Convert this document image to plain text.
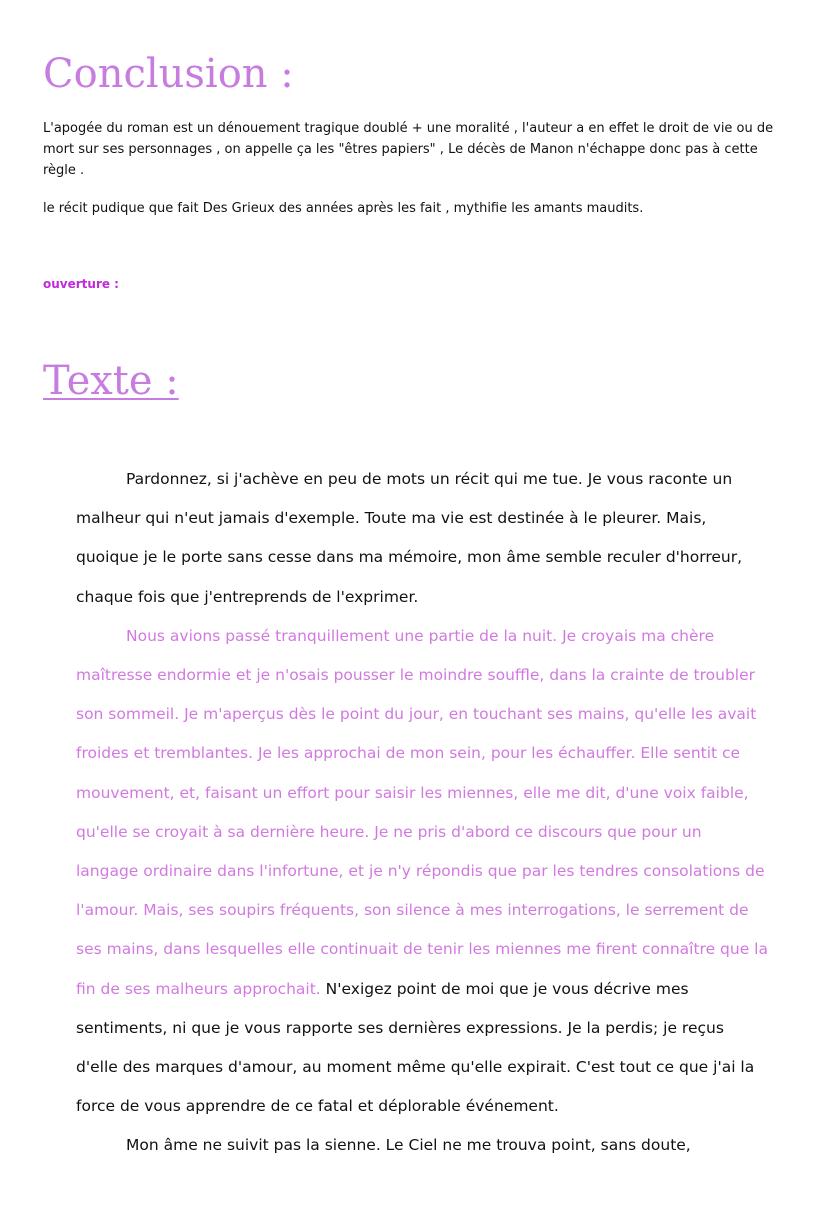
Conclusion :

L'apogée du roman est un dénouement tragique doublé + une moralité , l'auteur a en effet le droit de vie ou de mort sur ses personnages , on appelle ça les "êtres papiers" , Le décès de Manon n'échappe donc pas à cette règle .

le récit pudique que fait Des Grieux des années après les fait , mythifie les amants maudits.

ouverture :

Texte :

Pardonnez, si j'achève en peu de mots un récit qui me tue. Je vous raconte un malheur qui n'eut jamais d'exemple. Toute ma vie est destinée à le pleurer. Mais, quoique je le porte sans cesse dans ma mémoire, mon âme semble reculer d'horreur, chaque fois que j'entreprends de l'exprimer.

Nous avions passé tranquillement une partie de la nuit. Je croyais ma chère maîtresse endormie et je n'osais pousser le moindre souffle, dans la crainte de troubler son sommeil. Je m'aperçus dès le point du jour, en touchant ses mains, qu'elle les avait froides et tremblantes. Je les approchai de mon sein, pour les échauffer. Elle sentit ce mouvement, et, faisant un effort pour saisir les miennes, elle me dit, d'une voix faible, qu'elle se croyait à sa dernière heure. Je ne pris d'abord ce discours que pour un langage ordinaire dans l'infortune, et je n'y répondis que par les tendres consolations de l'amour. Mais, ses soupirs fréquents, son silence à mes interrogations, le serrement de ses mains, dans lesquelles elle continuait de tenir les miennes me firent connaître que la fin de ses malheurs approchait. N'exigez point de moi que je vous décrive mes sentiments, ni que je vous rapporte ses dernières expressions. Je la perdis; je reçus d'elle des marques d'amour, au moment même qu'elle expirait. C'est tout ce que j'ai la force de vous apprendre de ce fatal et déplorable événement.

Mon âme ne suivit pas la sienne. Le Ciel ne me trouva point, sans doute,
